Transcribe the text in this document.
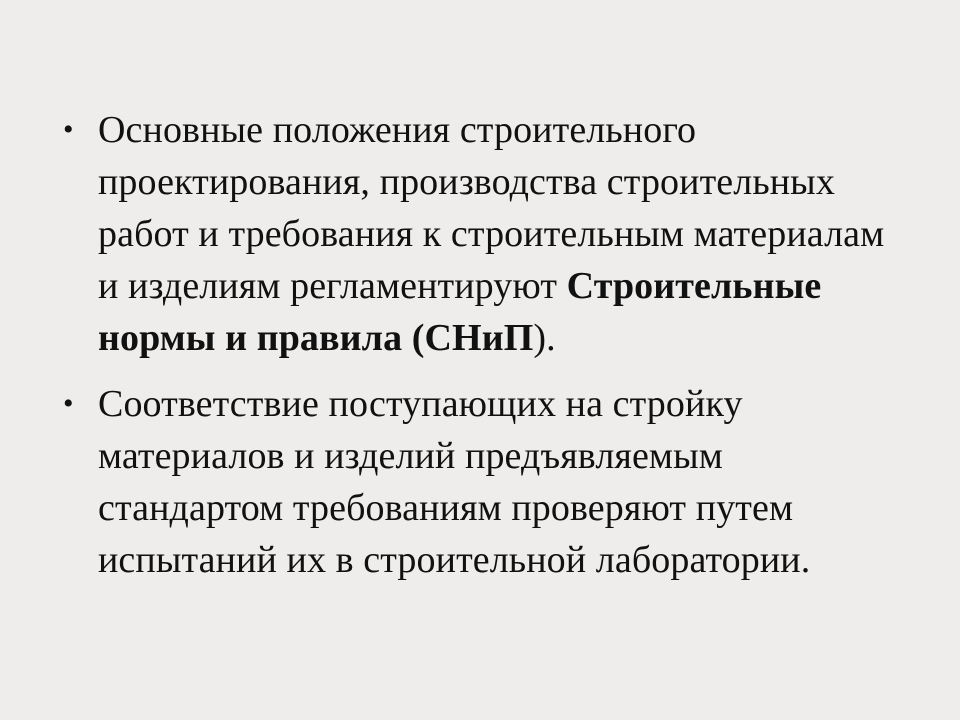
• Основные положения строительного проектирования, производства строительных работ и требования к строительным материалам и изделиям регламентируют Строительные нормы и правила (СНиП).
• Соответствие поступающих на стройку материалов и изделий предъявляемым стандартом требованиям проверяют путем испытаний их в строительной лаборатории.
